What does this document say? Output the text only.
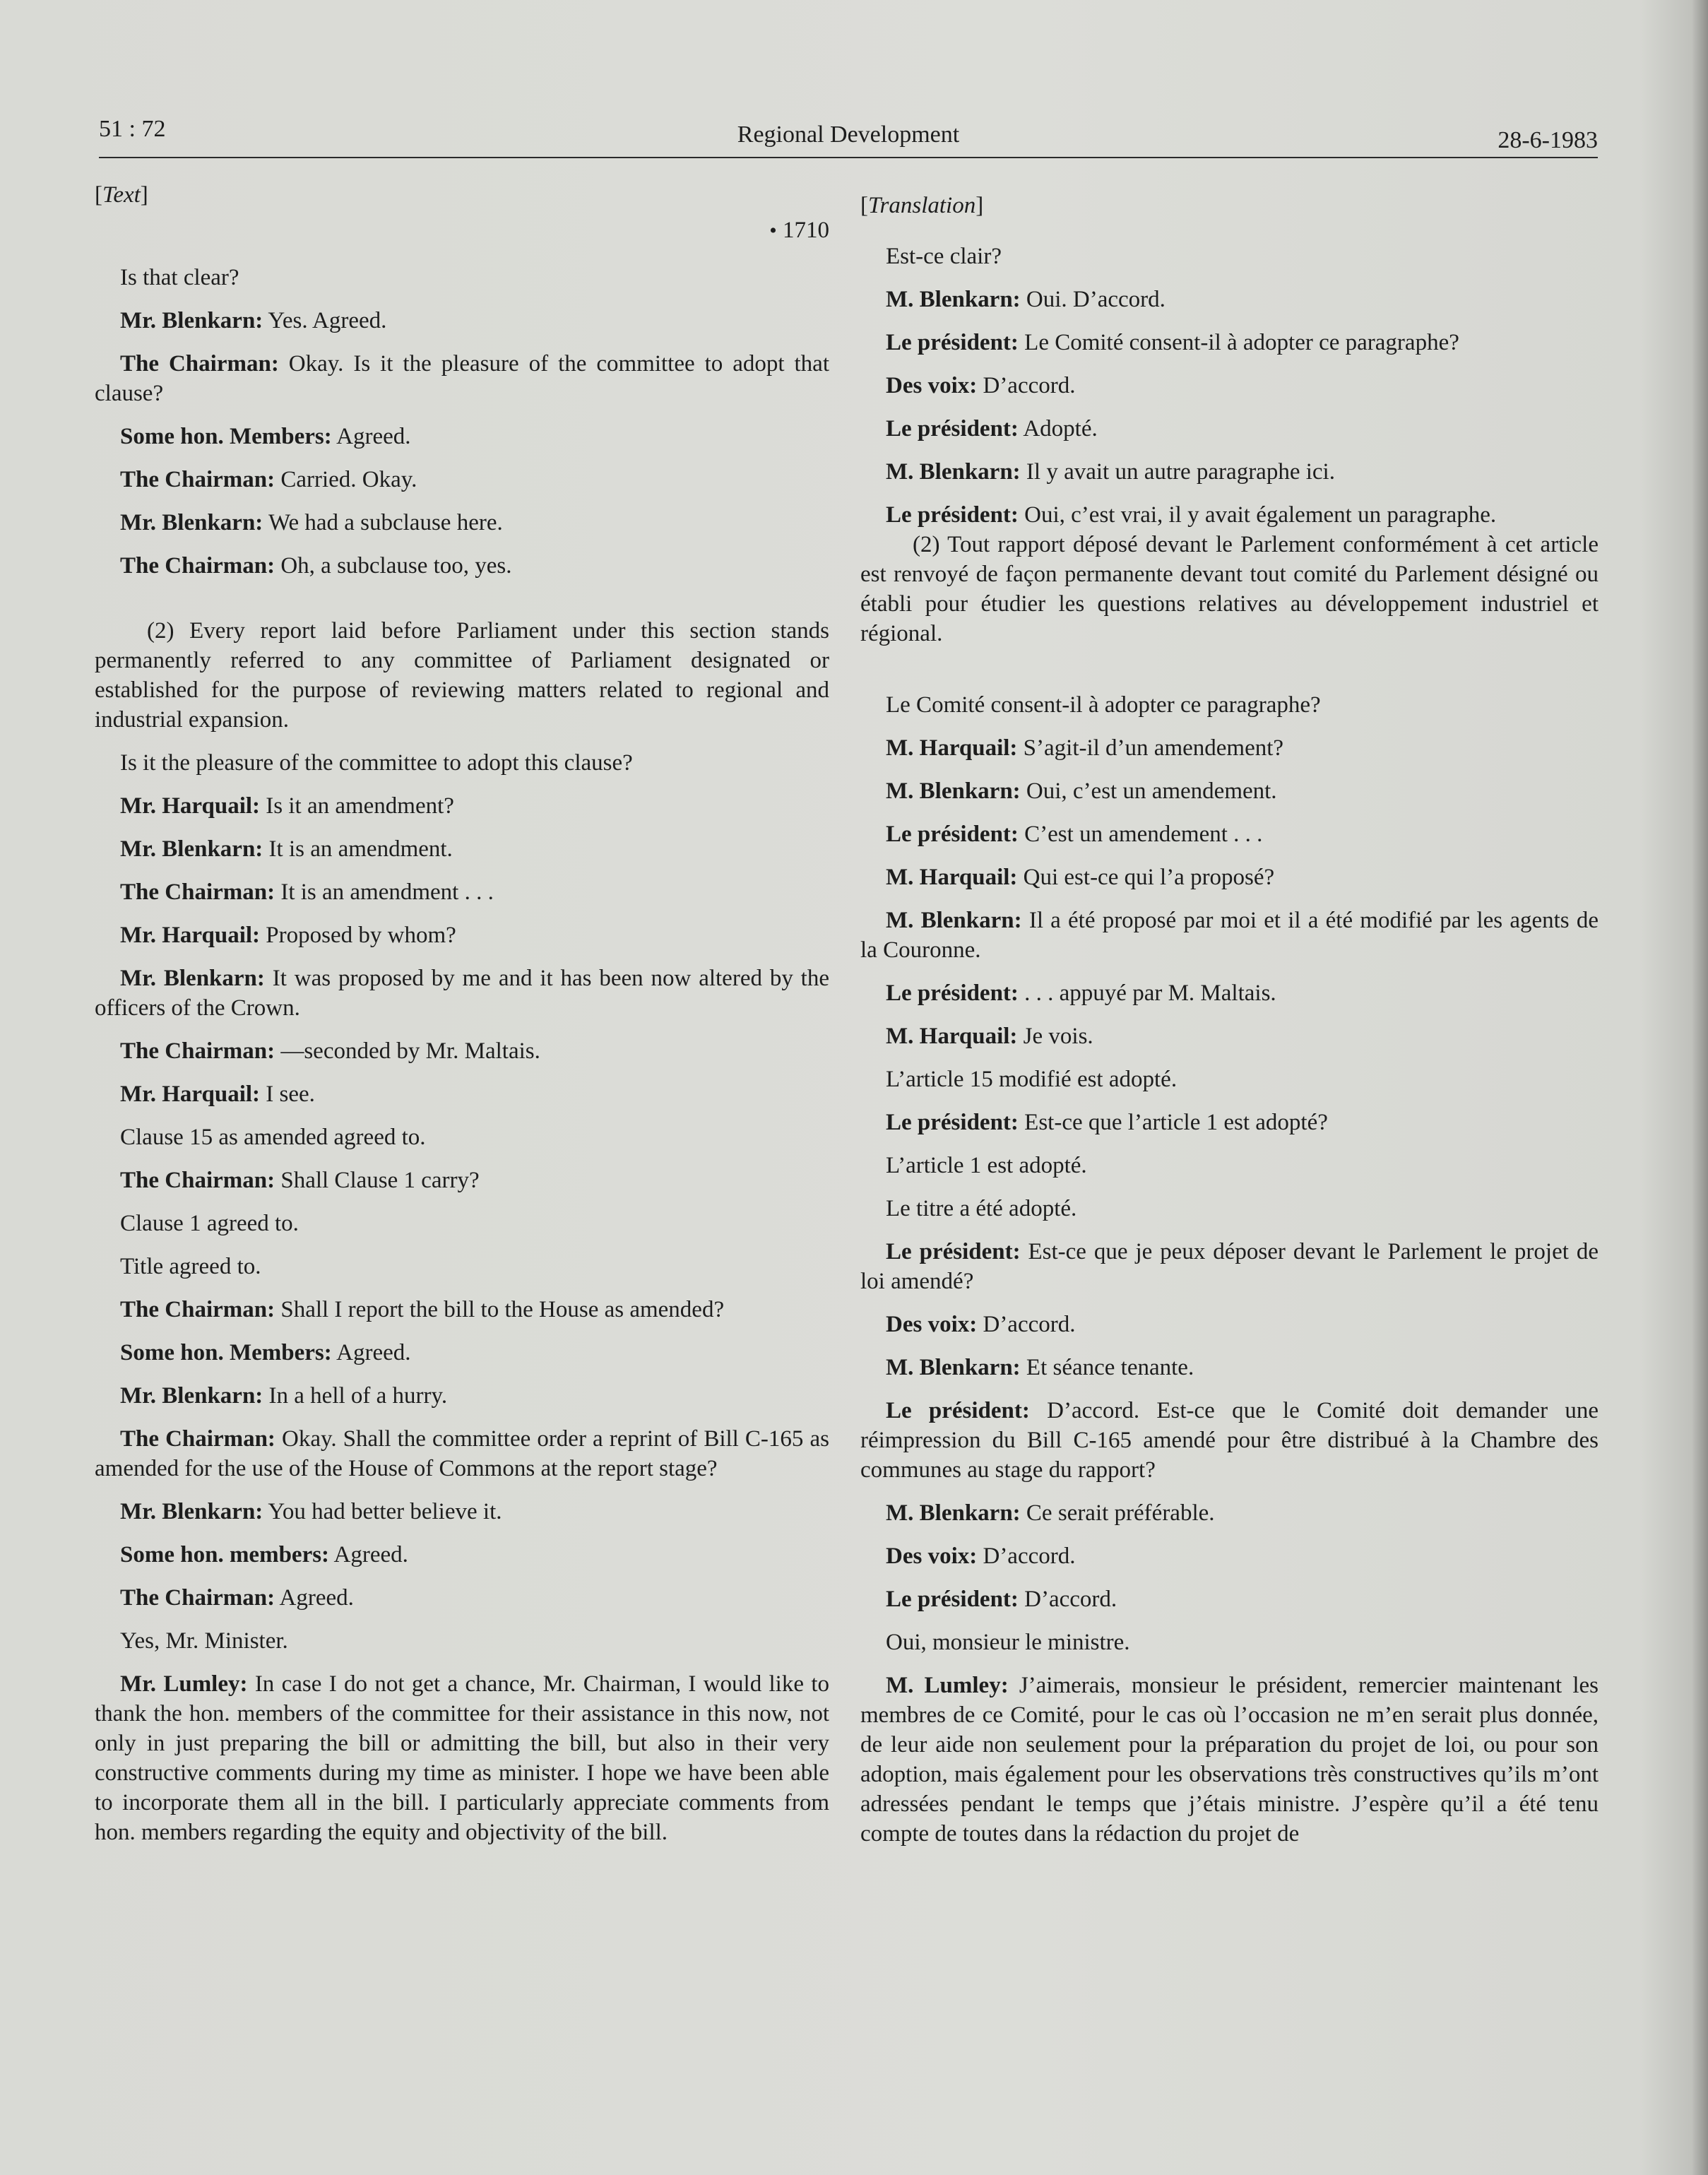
51 : 72	Regional Development	28-6-1983
[Text]
• 1710

Is that clear?

Mr. Blenkarn: Yes. Agreed.

The Chairman: Okay. Is it the pleasure of the committee to adopt that clause?

Some hon. Members: Agreed.

The Chairman: Carried. Okay.

Mr. Blenkarn: We had a subclause here.

The Chairman: Oh, a subclause too, yes.

(2) Every report laid before Parliament under this section stands permanently referred to any committee of Parliament designated or established for the purpose of reviewing matters related to regional and industrial expansion.

Is it the pleasure of the committee to adopt this clause?

Mr. Harquail: Is it an amendment?

Mr. Blenkarn: It is an amendment.

The Chairman: It is an amendment . . .

Mr. Harquail: Proposed by whom?

Mr. Blenkarn: It was proposed by me and it has been now altered by the officers of the Crown.

The Chairman: —seconded by Mr. Maltais.

Mr. Harquail: I see.

Clause 15 as amended agreed to.

The Chairman: Shall Clause 1 carry?

Clause 1 agreed to.

Title agreed to.

The Chairman: Shall I report the bill to the House as amended?

Some hon. Members: Agreed.

Mr. Blenkarn: In a hell of a hurry.

The Chairman: Okay. Shall the committee order a reprint of Bill C-165 as amended for the use of the House of Commons at the report stage?

Mr. Blenkarn: You had better believe it.

Some hon. members: Agreed.

The Chairman: Agreed.

Yes, Mr. Minister.

Mr. Lumley: In case I do not get a chance, Mr. Chairman, I would like to thank the hon. members of the committee for their assistance in this now, not only in just preparing the bill or admitting the bill, but also in their very constructive comments during my time as minister. I hope we have been able to incorporate them all in the bill. I particularly appreciate comments from hon. members regarding the equity and objectivity of the bill.

[Translation]

Est-ce clair?

M. Blenkarn: Oui. D’accord.

Le président: Le Comité consent-il à adopter ce paragraphe?

Des voix: D’accord.

Le président: Adopté.

M. Blenkarn: Il y avait un autre paragraphe ici.

Le président: Oui, c’est vrai, il y avait également un paragraphe.

(2) Tout rapport déposé devant le Parlement conformément à cet article est renvoyé de façon permanente devant tout comité du Parlement désigné ou établi pour étudier les questions relatives au développement industriel et régional.

Le Comité consent-il à adopter ce paragraphe?

M. Harquail: S’agit-il d’un amendement?

M. Blenkarn: Oui, c’est un amendement.

Le président: C’est un amendement . . .

M. Harquail: Qui est-ce qui l’a proposé?

M. Blenkarn: Il a été proposé par moi et il a été modifié par les agents de la Couronne.

Le président: . . . appuyé par M. Maltais.

M. Harquail: Je vois.

L’article 15 modifié est adopté.

Le président: Est-ce que l’article 1 est adopté?

L’article 1 est adopté.

Le titre a été adopté.

Le président: Est-ce que je peux déposer devant le Parlement le projet de loi amendé?

Des voix: D’accord.

M. Blenkarn: Et séance tenante.

Le président: D’accord. Est-ce que le Comité doit demander une réimpression du Bill C-165 amendé pour être distribué à la Chambre des communes au stage du rapport?

M. Blenkarn: Ce serait préférable.

Des voix: D’accord.

Le président: D’accord.

Oui, monsieur le ministre.

M. Lumley: J’aimerais, monsieur le président, remercier maintenant les membres de ce Comité, pour le cas où l’occasion ne m’en serait plus donnée, de leur aide non seulement pour la préparation du projet de loi, ou pour son adoption, mais également pour les observations très constructives qu’ils m’ont adressées pendant le temps que j’étais ministre. J’espère qu’il a été tenu compte de toutes dans la rédaction du projet de
